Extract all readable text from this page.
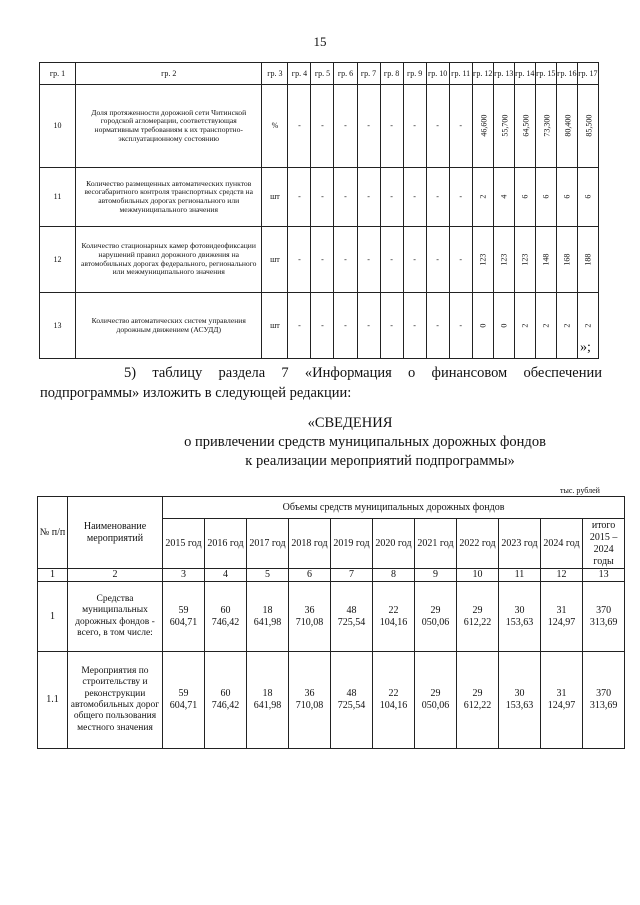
15
гр. 1	гр. 2	гр. 3	гр. 4	гр. 5	гр. 6	гр. 7	гр. 8	гр. 9	гр. 10	гр. 11	гр. 12	гр. 13	гр. 14	гр. 15	гр. 16	гр. 17
10	Доля протяженности дорожной сети Читинской городской агломерации, соответствующая нормативным требованиям к их транспортно-эксплуатационному состоянию	%	-	-	-	-	-	-	-	-	46,600	55,700	64,500	73,300	80,400	85,500
11	Количество размещенных автоматических пунктов весогабаритного контроля транспортных средств на автомобильных дорогах регионального или межмуниципального значения	шт	-	-	-	-	-	-	-	-	2	4	6	6	6	6
12	Количество стационарных камер фотовидеофиксации нарушений правил дорожного движения на автомобильных дорогах федерального, регионального или межмуниципального значения	шт	-	-	-	-	-	-	-	-	123	123	123	148	168	188
13	Количество автоматических систем управления дорожным движением (АСУДД)	шт	-	-	-	-	-	-	-	-	0	0	2	2	2	2
»;
5) таблицу раздела 7 «Информация о финансовом обеспечении
подпрограммы» изложить в следующей редакции:
«СВЕДЕНИЯ
о привлечении средств муниципальных дорожных фондов
к реализации мероприятий подпрограммы»
тыс. рублей
№ п/п	Наименование мероприятий	Объемы средств муниципальных дорожных фондов										
		2015 год	2016 год	2017 год	2018 год	2019 год	2020 год	2021 год	2022 год	2023 год	2024 год	итого 2015 – 2024 годы
1	2	3	4	5	6	7	8	9	10	11	12	13
1	Средства муниципальных дорожных фондов - всего, в том числе:	59 604,71	60 746,42	18 641,98	36 710,08	48 725,54	22 104,16	29 050,06	29 612,22	30 153,63	31 124,97	370 313,69
1.1	Мероприятия по строительству и реконструкции автомобильных дорог общего пользования местного значения	59 604,71	60 746,42	18 641,98	36 710,08	48 725,54	22 104,16	29 050,06	29 612,22	30 153,63	31 124,97	370 313,69
